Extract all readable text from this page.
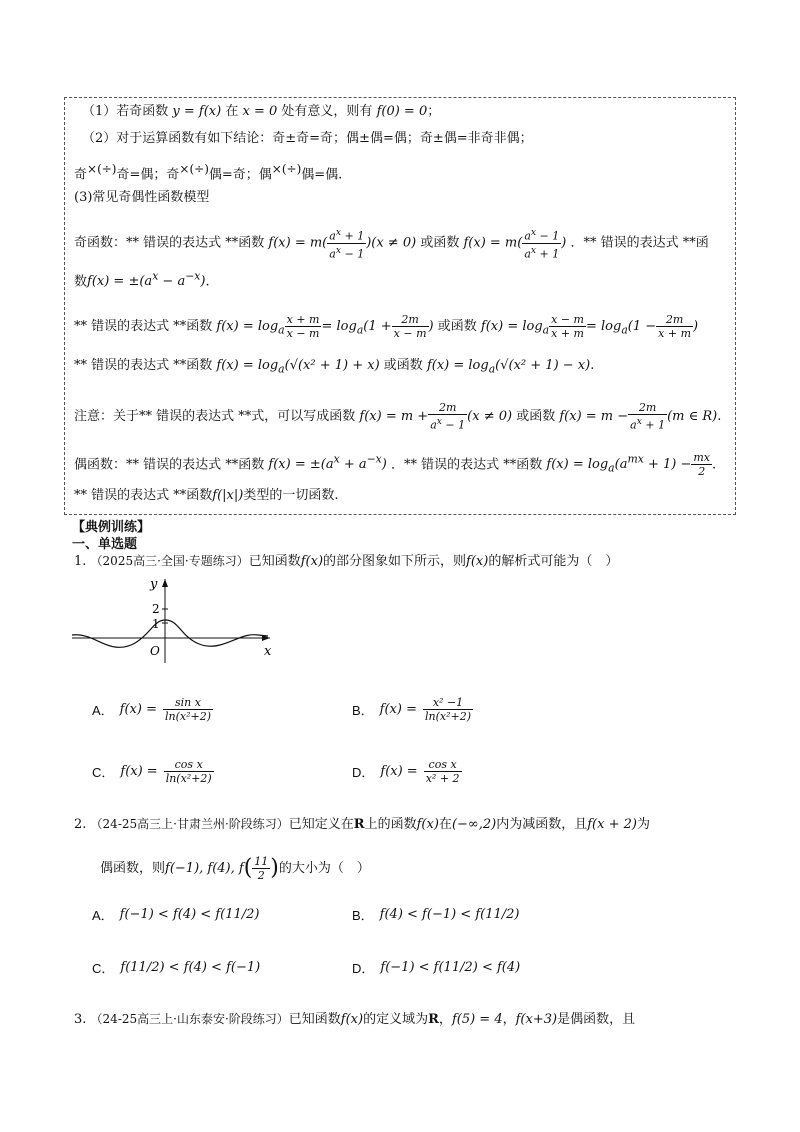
（1）若奇函数 y = f(x) 在 x = 0 处有意义，则有 f(0) = 0；
（2）对于运算函数有如下结论：奇±奇=奇；偶±偶=偶；奇±偶=非奇非偶；
奇×(÷)奇=偶；奇×(÷)偶=奇；偶×(÷)偶=偶.
(3)常见奇偶性函数模型
奇函数：** 错误的表达式 **函数 $f(x) = m( \frac{a^x + 1}{a^x - 1} )(x \ne 0)$ 或函数 $f(x) = m( \frac{a^x - 1}{a^x + 1}$ ) ．** 错误的表达式 **函
数$f(x) = \pm(a^x - a^{-x})$.
** 错误的表达式 **函数 $f(x) = \log_a \frac{x + m}{x - m} = \log_a(1 + \frac{2m}{x - m}$ ) 或函数 $f(x) = \log_a \frac{x - m}{x + m} = \log_a(1 - \frac{2m}{x + m}$ )
** 错误的表达式 **函数 $f(x) = \log_a(√(x^2 + 1) + x)$ 或函数 $f(x) = \log_a(√(x^2 + 1) - x)$.
注意：关于** 错误的表达式 **式，可以写成函数 $f(x) = m + \frac{2m}{a^x - 1} (x \ne 0)$ 或函数 $f(x) = m - \frac{2m}{a^x + 1} (m$ ∈ R).
偶函数：** 错误的表达式 **函数 $f(x) = \pm(a^x + a^{-x})$ ．** 错误的表达式 **函数 $f(x) = \log_a(a^{mx} + 1) - \frac{mx}{2}$ .
** 错误的表达式 **函数f(|x|)类型的一切函数.
【典例训练】
一、单选题
1. （2025高三·全国·专题练习）已知函数f(x)的部分图象如下所示，则f(x)的解析式可能为（　）
y
x
O
2
1
A． $f(x) = \frac{\text{sin x}}{\text{ln(x²+2)}}$	B． $f(x) = \frac{\text{x² −1}}{\text{ln(x²+2)}}$
C． $f(x) = \frac{\text{cos x}}{\text{ln(x²+2)}}$	D． $f(x) = \frac{\text{cos x}}{\text{x² + 2}}$
2. （24-25高三上·甘肃兰州·阶段练习）已知定义在R上的函数f(x)在(−∞,2)内为减函数，且f(x + 2)为
偶函数，则f(−1), f(4), $f( \frac{11}{2}$ )的大小为（　）
A． f(−1) < f(4) < f(11/2)	B． f(4) < f(−1) < f(11/2)
C． f(11/2) < f(4) < f(−1)	D． f(−1) < f(11/2) < f(4)
3. （24-25高三上·山东泰安·阶段练习）已知函数f(x)的定义域为R，f(5) = 4，f(x+3)是偶函数，且
